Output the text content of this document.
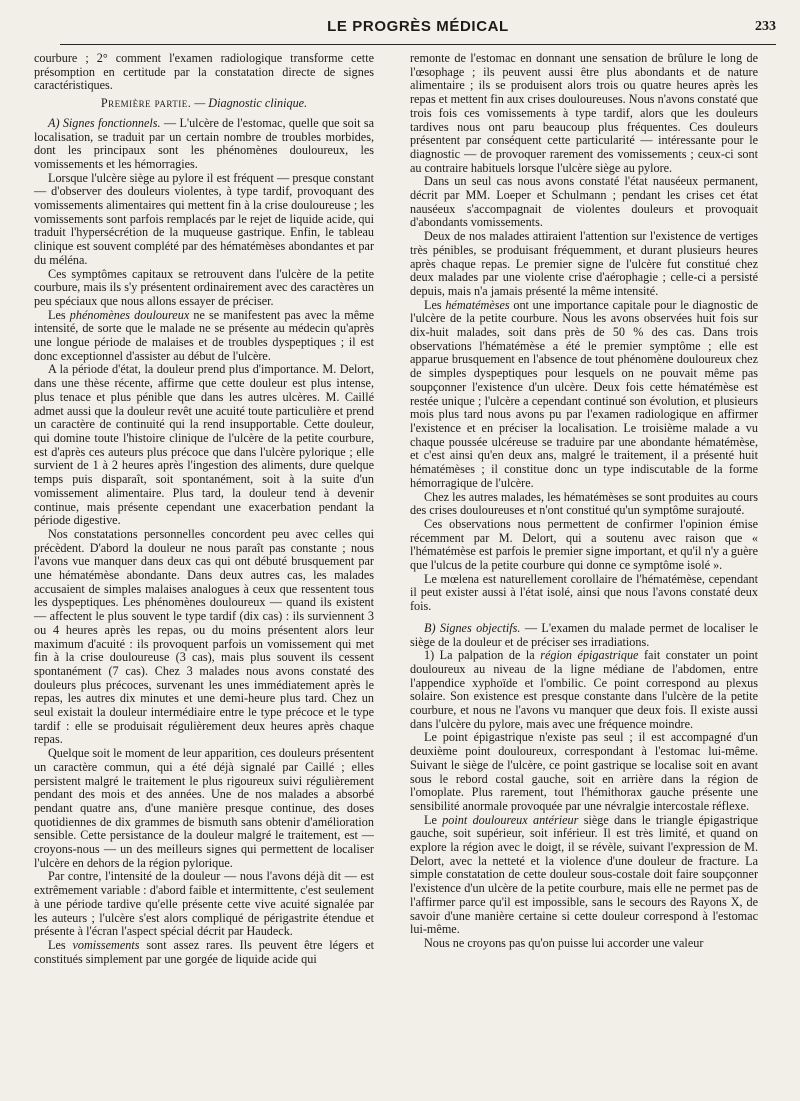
LE PROGRÈS MÉDICAL	233

courbure ; 2° comment l'examen radiologique transforme cette présomption en certitude par la constatation directe de signes caractéristiques.

Première partie. — Diagnostic clinique.

A) Signes fonctionnels. — L'ulcère de l'estomac, quelle que soit sa localisation, se traduit par un certain nombre de troubles morbides, dont les principaux sont les phénomènes douloureux, les vomissements et les hémorragies.

Lorsque l'ulcère siège au pylore il est fréquent — presque constant — d'observer des douleurs violentes, à type tardif, provoquant des vomissements alimentaires qui mettent fin à la crise douloureuse ; les vomissements sont parfois remplacés par le rejet de liquide acide, qui traduit l'hypersécrétion de la muqueuse gastrique. Enfin, le tableau clinique est souvent complété par des hématémèses abondantes et par du méléna.

Ces symptômes capitaux se retrouvent dans l'ulcère de la petite courbure, mais ils s'y présentent ordinairement avec des caractères un peu spéciaux que nous allons essayer de préciser.

Les phénomènes douloureux ne se manifestent pas avec la même intensité, de sorte que le malade ne se présente au médecin qu'après une longue période de malaises et de troubles dyspeptiques ; il est donc exceptionnel d'assister au début de l'ulcère.

A la période d'état, la douleur prend plus d'importance. M. Delort, dans une thèse récente, affirme que cette douleur est plus intense, plus tenace et plus pénible que dans les autres ulcères. M. Caillé admet aussi que la douleur revêt une acuité toute particulière et prend un caractère de continuité qui la rend insupportable. Cette douleur, qui domine toute l'histoire clinique de l'ulcère de la petite courbure, est d'après ces auteurs plus précoce que dans l'ulcère pylorique ; elle survient de 1 à 2 heures après l'ingestion des aliments, dure quelque temps puis disparaît, soit spontanément, soit à la suite d'un vomissement alimentaire. Plus tard, la douleur tend à devenir continue, mais présente cependant une exacerbation pendant la période digestive.

Nos constatations personnelles concordent peu avec celles qui précèdent. D'abord la douleur ne nous paraît pas constante ; nous l'avons vue manquer dans deux cas qui ont débuté brusquement par une hématémèse abondante. Dans deux autres cas, les malades accusaient de simples malaises analogues à ceux que ressentent tous les dyspeptiques. Les phénomènes douloureux — quand ils existent — affectent le plus souvent le type tardif (dix cas) : ils surviennent 3 ou 4 heures après les repas, ou du moins présentent alors leur maximum d'acuité : ils provoquent parfois un vomissement qui met fin à la crise douloureuse (3 cas), mais plus souvent ils cessent spontanément (7 cas). Chez 3 malades nous avons constaté des douleurs plus précoces, survenant les unes immédiatement après le repas, les autres dix minutes et une demi-heure plus tard. Chez un seul existait la douleur intermédiaire entre le type précoce et le type tardif : elle se produisait régulièrement deux heures après chaque repas.

Quelque soit le moment de leur apparition, ces douleurs présentent un caractère commun, qui a été déjà signalé par Caillé ; elles persistent malgré le traitement le plus rigoureux suivi régulièrement pendant des mois et des années. Une de nos malades a absorbé pendant quatre ans, d'une manière presque continue, des doses quotidiennes de dix grammes de bismuth sans obtenir d'amélioration sensible. Cette persistance de la douleur malgré le traitement, est — croyons-nous — un des meilleurs signes qui permettent de localiser l'ulcère en dehors de la région pylorique.

Par contre, l'intensité de la douleur — nous l'avons déjà dit — est extrêmement variable : d'abord faible et intermittente, c'est seulement à une période tardive qu'elle présente cette vive acuité signalée par les auteurs ; l'ulcère s'est alors compliqué de périgastrite étendue et présente à l'écran l'aspect spécial décrit par Haudeck.

Les vomissements sont assez rares. Ils peuvent être légers et constitués simplement par une gorgée de liquide acide qui

remonte de l'estomac en donnant une sensation de brûlure le long de l'œsophage ; ils peuvent aussi être plus abondants et de nature alimentaire ; ils se produisent alors trois ou quatre heures après les repas et mettent fin aux crises douloureuses. Nous n'avons constaté que trois fois ces vomissements à type tardif, alors que les douleurs tardives nous ont paru beaucoup plus fréquentes. Ces douleurs présentent par conséquent cette particularité — intéressante pour le diagnostic — de provoquer rarement des vomissements ; ceux-ci sont au contraire habituels lorsque l'ulcère siège au pylore.

Dans un seul cas nous avons constaté l'état nauséeux permanent, décrit par MM. Loeper et Schulmann ; pendant les crises cet état nauséeux s'accompagnait de violentes douleurs et provoquait d'abondants vomissements.

Deux de nos malades attiraient l'attention sur l'existence de vertiges très pénibles, se produisant fréquemment, et durant plusieurs heures après chaque repas. Le premier signe de l'ulcère fut constitué chez deux malades par une violente crise d'aérophagie ; celle-ci a persisté depuis, mais n'a jamais présenté la même intensité.

Les hématémèses ont une importance capitale pour le diagnostic de l'ulcère de la petite courbure. Nous les avons observées huit fois sur dix-huit malades, soit dans près de 50 % des cas. Dans trois observations l'hématémèse a été le premier symptôme ; elle est apparue brusquement en l'absence de tout phénomène douloureux chez de simples dyspeptiques pour lesquels on ne pouvait même pas soupçonner l'existence d'un ulcère. Deux fois cette hématémèse est restée unique ; l'ulcère a cependant continué son évolution, et plusieurs mois plus tard nous avons pu par l'examen radiologique en affirmer l'existence et en préciser la localisation. Le troisième malade a vu chaque poussée ulcéreuse se traduire par une abondante hématémèse, et c'est ainsi qu'en deux ans, malgré le traitement, il a présenté huit hématémèses ; il constitue donc un type indiscutable de la forme hémorragique de l'ulcère.

Chez les autres malades, les hématémèses se sont produites au cours des crises douloureuses et n'ont constitué qu'un symptôme surajouté.

Ces observations nous permettent de confirmer l'opinion émise récemment par M. Delort, qui a soutenu avec raison que « l'hématémèse est parfois le premier signe important, et qu'il n'y a guère que l'ulcus de la petite courbure qui donne ce symptôme isolé ».

Le mœlena est naturellement corollaire de l'hématémèse, cependant il peut exister aussi à l'état isolé, ainsi que nous l'avons constaté deux fois.

B) Signes objectifs. — L'examen du malade permet de localiser le siège de la douleur et de préciser ses irradiations.

1) La palpation de la région épigastrique fait constater un point douloureux au niveau de la ligne médiane de l'abdomen, entre l'appendice xyphoïde et l'ombilic. Ce point correspond au plexus solaire. Son existence est presque constante dans l'ulcère de la petite courbure, et nous ne l'avons vu manquer que deux fois. Il existe aussi dans l'ulcère du pylore, mais avec une fréquence moindre.

Le point épigastrique n'existe pas seul ; il est accompagné d'un deuxième point douloureux, correspondant à l'estomac lui-même. Suivant le siège de l'ulcère, ce point gastrique se localise soit en avant sous le rebord costal gauche, soit en arrière dans la région de l'omoplate. Plus rarement, tout l'hémithorax gauche présente une sensibilité anormale provoquée par une névralgie intercostale réflexe.

Le point douloureux antérieur siège dans le triangle épigastrique gauche, soit supérieur, soit inférieur. Il est très limité, et quand on explore la région avec le doigt, il se révèle, suivant l'expression de M. Delort, avec la netteté et la violence d'une douleur de fracture. La simple constatation de cette douleur sous-costale doit faire soupçonner l'existence d'un ulcère de la petite courbure, mais elle ne permet pas de l'affirmer parce qu'il est impossible, sans le secours des Rayons X, de savoir d'une manière certaine si cette douleur correspond à l'estomac lui-même.

Nous ne croyons pas qu'on puisse lui accorder une valeur
